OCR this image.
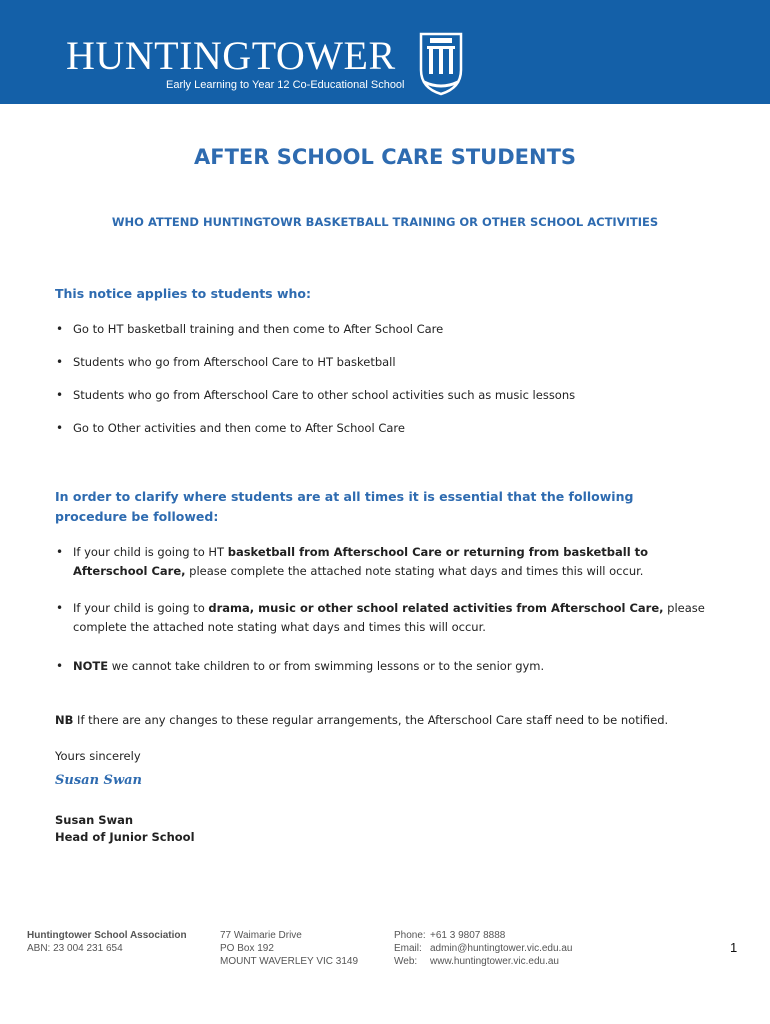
HUNTINGTOWER
Early Learning to Year 12 Co-Educational School
AFTER SCHOOL CARE STUDENTS
WHO ATTEND HUNTINGTOWR BASKETBALL TRAINING OR OTHER SCHOOL ACTIVITIES
This notice applies to students who:
• Go to HT basketball training and then come to After School Care
• Students who go from Afterschool Care to HT basketball
• Students who go from Afterschool Care to other school activities such as music lessons
• Go to Other activities and then come to After School Care
In order to clarify where students are at all times it is essential that the following procedure be followed:
• If your child is going to HT basketball from Afterschool Care or returning from basketball to Afterschool Care, please complete the attached note stating what days and times this will occur.
• If your child is going to drama, music or other school related activities from Afterschool Care, please complete the attached note stating what days and times this will occur.
• NOTE we cannot take children to or from swimming lessons or to the senior gym.
NB If there are any changes to these regular arrangements, the Afterschool Care staff need to be notified.
Yours sincerely
Susan Swan
Susan Swan
Head of Junior School
Huntingtower School Association
ABN: 23 004 231 654
77 Waimarie Drive
PO Box 192
MOUNT WAVERLEY VIC 3149
Phone: +61 3 9807 8888
Email: admin@huntingtower.vic.edu.au
Web: www.huntingtower.vic.edu.au
1
